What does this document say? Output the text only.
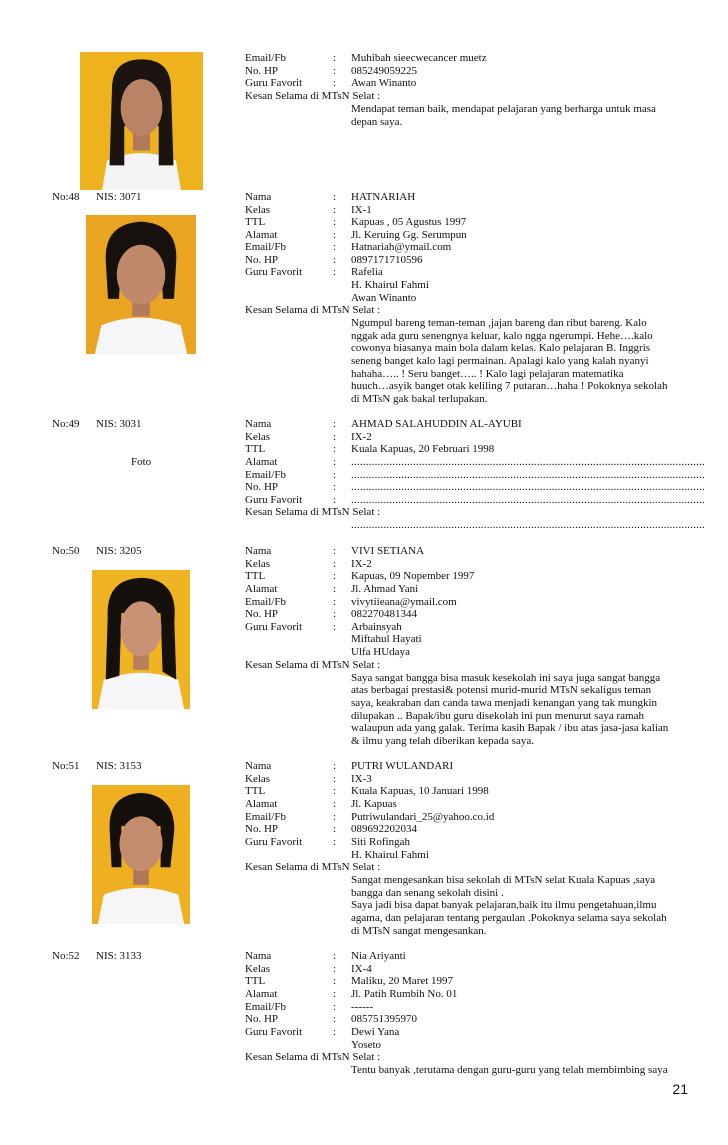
Email/Fb	: Muhibah sieecwecancer muetz
No. HP	: 085249059225
Guru Favorit	: Awan Winanto
Kesan Selama di MTsN Selat :
Mendapat teman baik, mendapat pelajaran yang berharga untuk masa
depan saya.
No:48 NIS: 3071	Nama	: HATNARIAH
Kelas	: IX-1
TTL	: Kapuas , 05 Agustus 1997
Alamat	: Jl. Keruing Gg. Serumpun
Email/Fb	: Hatnariah@ymail.com
No. HP	: 0897171710596
Guru Favorit	: Rafelia
H. Khairul Fahmi
Awan Winanto
Kesan Selama di MTsN Selat :
Ngumpul bareng teman-teman ,jajan bareng dan ribut bareng. Kalo
nggak ada guru senengnya keluar, kalo ngga ngerumpi. Hehe….kalo
cowonya biasanya main bola dalam kelas. Kalo pelajaran B. Inggris
seneng banget kalo lagi permainan. Apalagi kalo yang kalah nyanyi
hahaha….. ! Seru banget….. ! Kalo lagi pelajaran matematika
huuch…asyik banget otak keliling 7 putaran…haha ! Pokoknya sekolah
di MTsN gak bakal terlupakan.
No:49 NIS: 3031
Foto
Nama	: AHMAD SALAHUDDIN AL-AYUBI
Kelas	: IX-2
TTL	: Kuala Kapuas, 20 Februari 1998
Alamat	: ........................................................................................................................
Email/Fb	: ........................................................................................................................
No. HP	: ........................................................................................................................
Guru Favorit	: ........................................................................................................................
Kesan Selama di MTsN Selat :
........................................................................................................................
No:50 NIS: 3205	Nama	: VIVI SETIANA
Kelas	: IX-2
TTL	: Kapuas, 09 Nopember 1997
Alamat	: Jl. Ahmad Yani
Email/Fb	: vivytiieana@ymail.com
No. HP	: 082270481344
Guru Favorit	: Arbainsyah
Miftahul Hayati
Ulfa HUdaya
Kesan Selama di MTsN Selat :
Saya sangat bangga bisa masuk kesekolah ini saya juga sangat bangga
atas berbagai prestasi& potensi murid-murid MTsN sekaligus teman
saya, keakraban dan canda tawa menjadi kenangan yang tak mungkin
dilupakan .. Bapak/ibu guru disekolah ini pun menurut saya ramah
walaupun ada yang galak. Terima kasih Bapak / ibu atas jasa-jasa kalian
& ilmu yang telah diberikan kepada saya.
No:51 NIS: 3153	Nama	: PUTRI WULANDARI
Kelas	: IX-3
TTL	: Kuala Kapuas, 10 Januari 1998
Alamat	: Jl. Kapuas
Email/Fb	: Putriwulandari_25@yahoo.co.id
No. HP	: 089692202034
Guru Favorit	: Siti Rofingah
H. Khairul Fahmi
Kesan Selama di MTsN Selat :
Sangat mengesankan bisa sekolah di MTsN selat Kuala Kapuas ,saya
bangga dan senang sekolah disini .
Saya jadi bisa dapat banyak pelajaran,baik itu ilmu pengetahuan,ilmu
agama, dan pelajaran tentang pergaulan .Pokoknya selama saya sekolah
di MTsN sangat mengesankan.
No:52 NIS: 3133	Nama	: Nia Ariyanti
Kelas	: IX-4
TTL	: Maliku, 20 Maret 1997
Alamat	: Jl. Patih Rumbih No. 01
Email/Fb	: ------
No. HP	: 085751395970
Guru Favorit	: Dewi Yana
Yoseto
Kesan Selama di MTsN Selat :
Tentu banyak ,terutama dengan guru-guru yang telah membimbing saya
21
